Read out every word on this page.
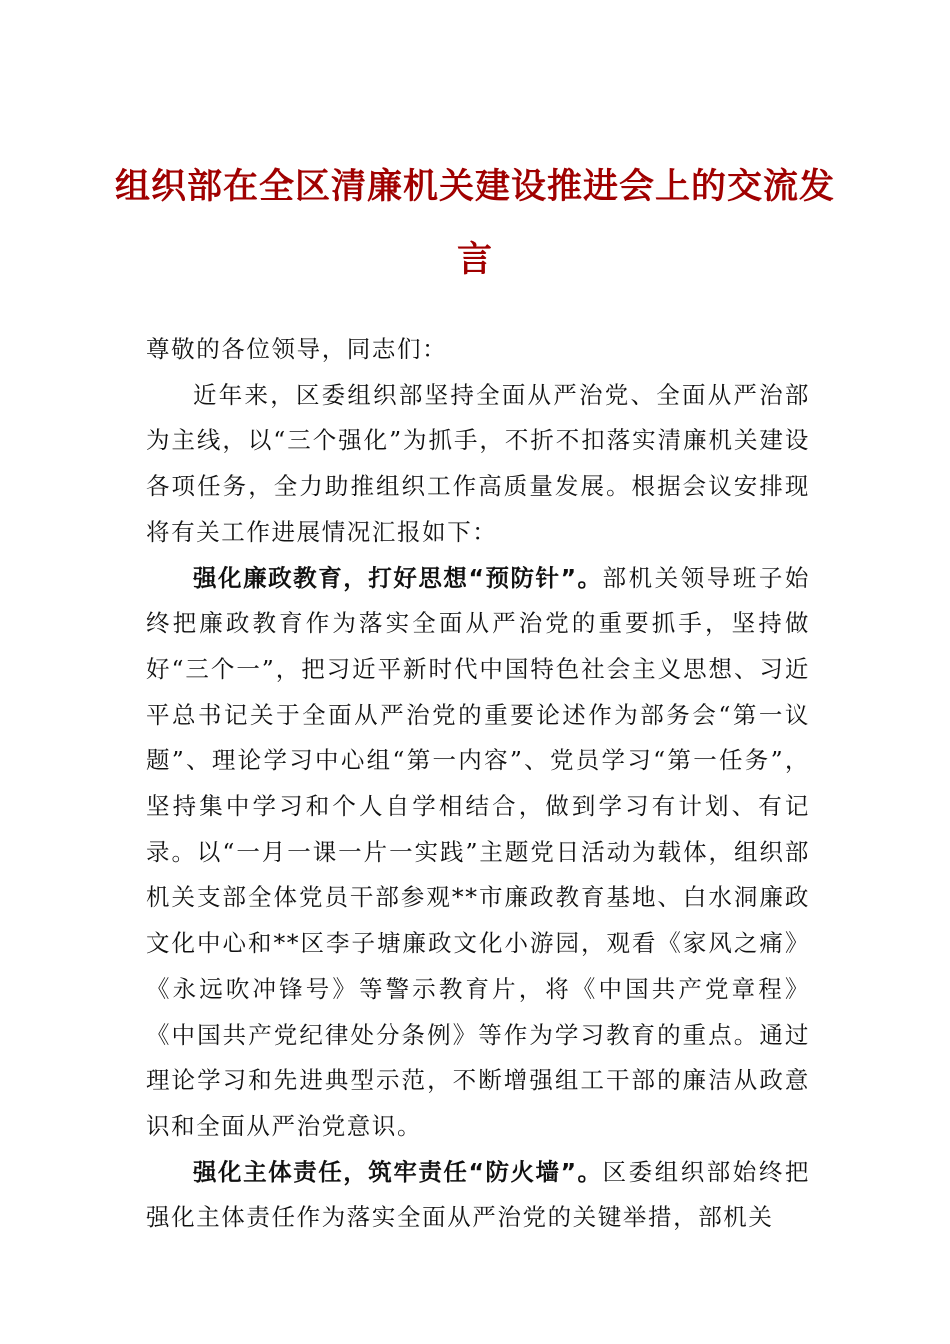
组织部在全区清廉机关建设推进会上的交流发言

尊敬的各位领导，同志们：

近年来，区委组织部坚持全面从严治党、全面从严治部为主线，以“三个强化”为抓手，不折不扣落实清廉机关建设各项任务，全力助推组织工作高质量发展。根据会议安排现将有关工作进展情况汇报如下：

强化廉政教育，打好思想“预防针”。部机关领导班子始终把廉政教育作为落实全面从严治党的重要抓手，坚持做好“三个一”，把习近平新时代中国特色社会主义思想、习近平总书记关于全面从严治党的重要论述作为部务会“第一议题”、理论学习中心组“第一内容”、党员学习“第一任务”，坚持集中学习和个人自学相结合，做到学习有计划、有记录。以“一月一课一片一实践”主题党日活动为载体，组织部机关支部全体党员干部参观**市廉政教育基地、白水洞廉政文化中心和**区李子塘廉政文化小游园，观看《家风之痛》《永远吹冲锋号》等警示教育片，将《中国共产党章程》《中国共产党纪律处分条例》等作为学习教育的重点。通过理论学习和先进典型示范，不断增强组工干部的廉洁从政意识和全面从严治党意识。

强化主体责任，筑牢责任“防火墙”。区委组织部始终把强化主体责任作为落实全面从严治党的关键举措，部机关
